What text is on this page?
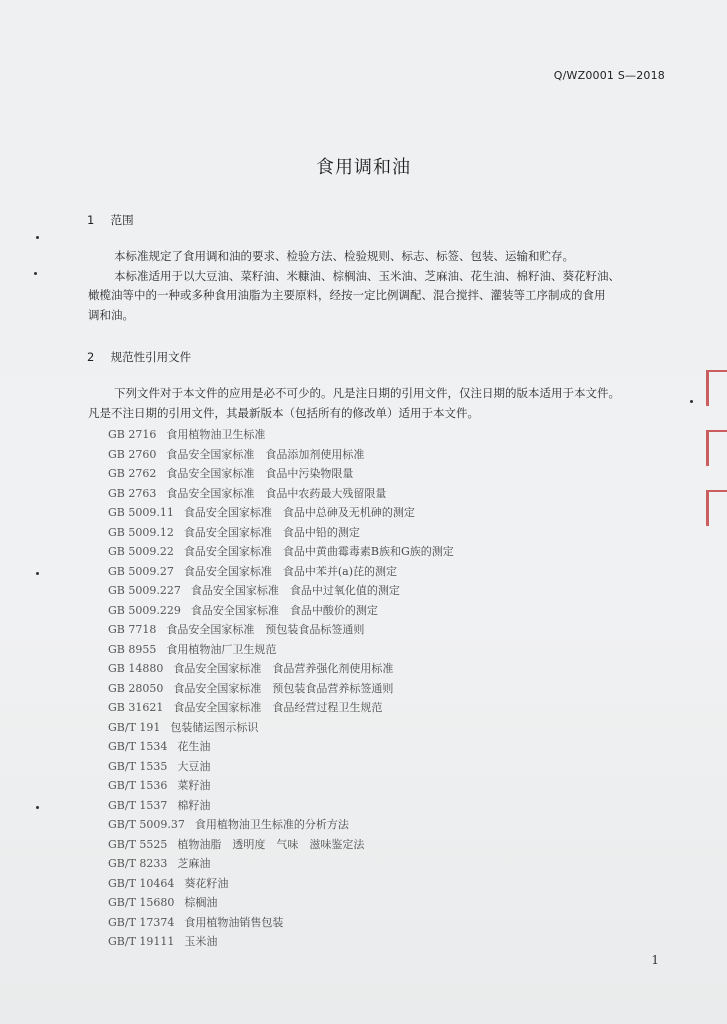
Q/WZ0001 S—2018
食用调和油
1 范围
本标准规定了食用调和油的要求、检验方法、检验规则、标志、标签、包装、运输和贮存。
本标准适用于以大豆油、菜籽油、米糠油、棕榈油、玉米油、芝麻油、花生油、棉籽油、葵花籽油、
橄榄油等中的一种或多种食用油脂为主要原料，经按一定比例调配、混合搅拌、灌装等工序制成的食用
调和油。
2 规范性引用文件
下列文件对于本文件的应用是必不可少的。凡是注日期的引用文件，仅注日期的版本适用于本文件。
凡是不注日期的引用文件，其最新版本（包括所有的修改单）适用于本文件。
GB 2716 食用植物油卫生标准
GB 2760 食品安全国家标准　食品添加剂使用标准
GB 2762 食品安全国家标准　食品中污染物限量
GB 2763 食品安全国家标准　食品中农药最大残留限量
GB 5009.11 食品安全国家标准　食品中总砷及无机砷的测定
GB 5009.12 食品安全国家标准　食品中铅的测定
GB 5009.22 食品安全国家标准　食品中黄曲霉毒素B族和G族的测定
GB 5009.27 食品安全国家标准　食品中苯并(a)芘的测定
GB 5009.227 食品安全国家标准　食品中过氧化值的测定
GB 5009.229 食品安全国家标准　食品中酸价的测定
GB 7718 食品安全国家标准　预包装食品标签通则
GB 8955 食用植物油厂卫生规范
GB 14880 食品安全国家标准　食品营养强化剂使用标准
GB 28050 食品安全国家标准　预包装食品营养标签通则
GB 31621 食品安全国家标准　食品经营过程卫生规范
GB/T 191 包装储运图示标识
GB/T 1534 花生油
GB/T 1535 大豆油
GB/T 1536 菜籽油
GB/T 1537 棉籽油
GB/T 5009.37 食用植物油卫生标准的分析方法
GB/T 5525 植物油脂　透明度　气味　滋味鉴定法
GB/T 8233 芝麻油
GB/T 10464 葵花籽油
GB/T 15680 棕榈油
GB/T 17374 食用植物油销售包装
GB/T 19111 玉米油
1
